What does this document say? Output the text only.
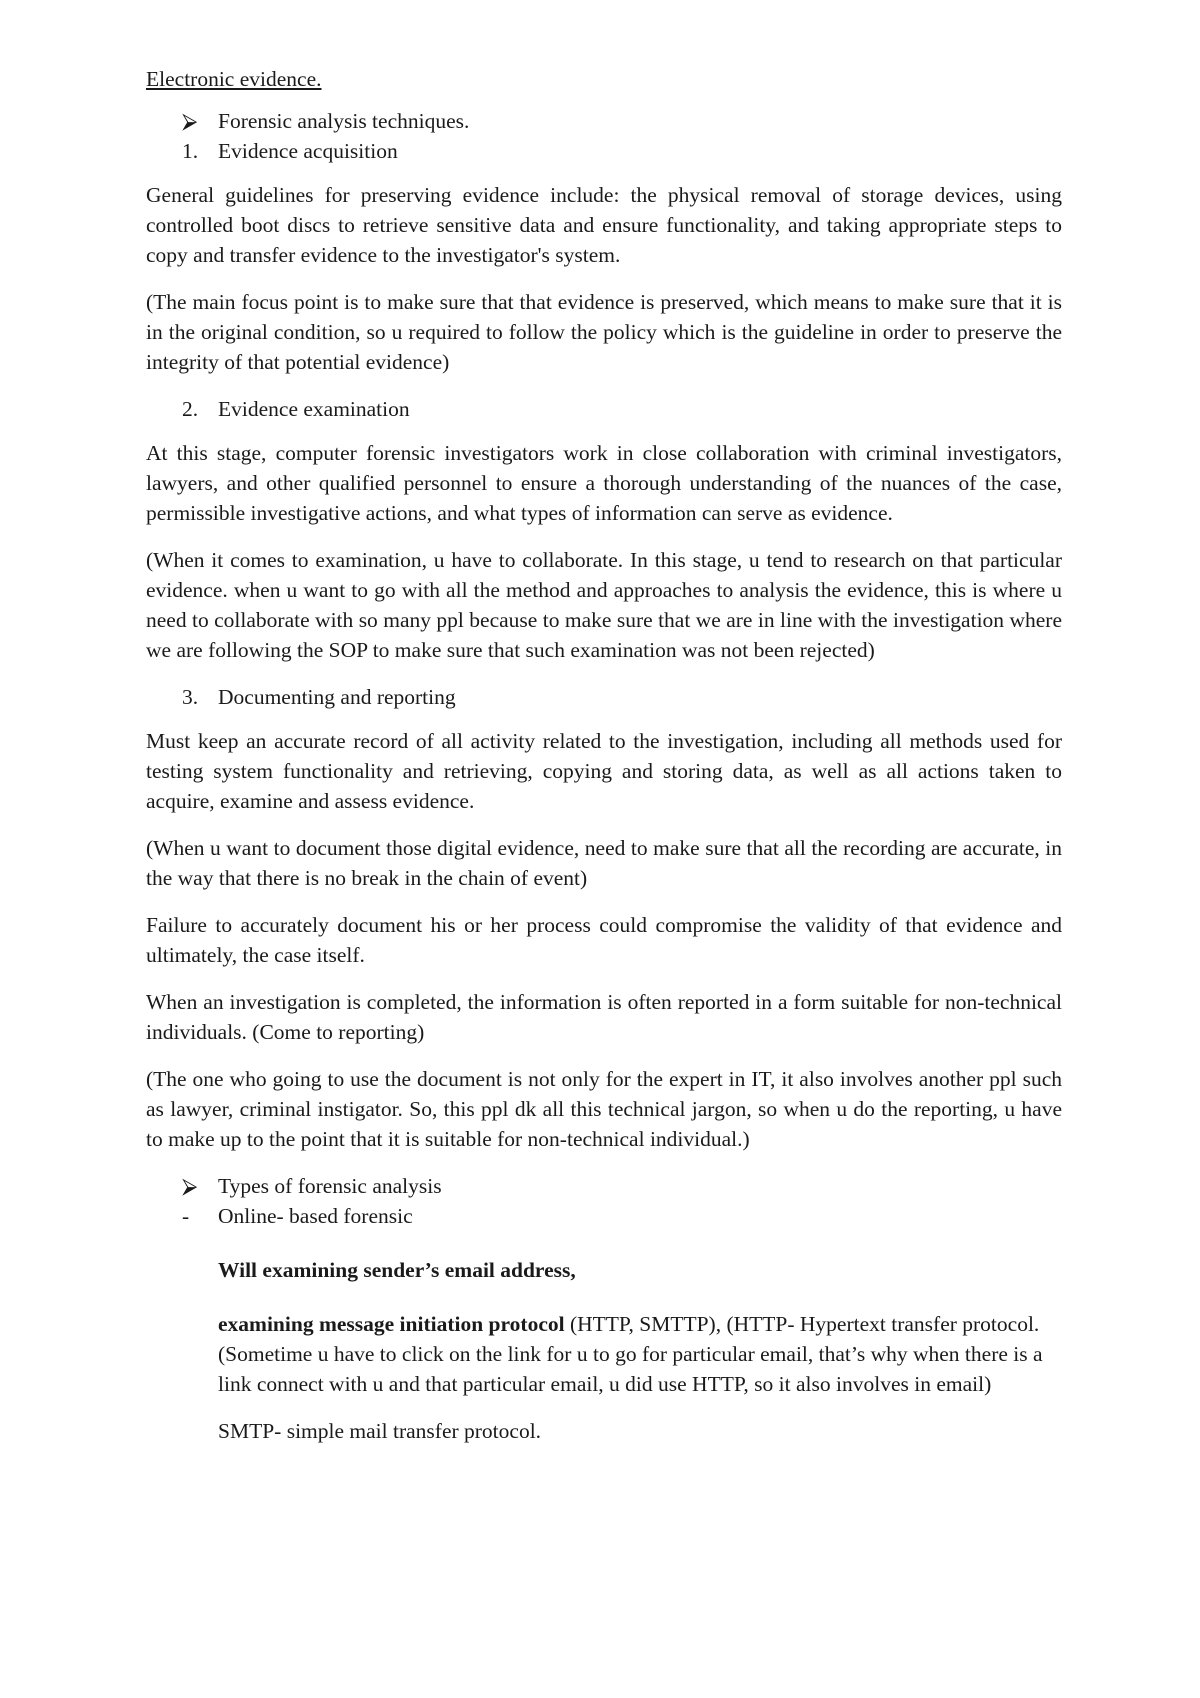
Electronic evidence.

⮚ Forensic analysis techniques.
1. Evidence acquisition

General guidelines for preserving evidence include: the physical removal of storage devices, using controlled boot discs to retrieve sensitive data and ensure functionality, and taking appropriate steps to copy and transfer evidence to the investigator's system.

(The main focus point is to make sure that that evidence is preserved, which means to make sure that it is in the original condition, so u required to follow the policy which is the guideline in order to preserve the integrity of that potential evidence)

2. Evidence examination

At this stage, computer forensic investigators work in close collaboration with criminal investigators, lawyers, and other qualified personnel to ensure a thorough understanding of the nuances of the case, permissible investigative actions, and what types of information can serve as evidence.

(When it comes to examination, u have to collaborate. In this stage, u tend to research on that particular evidence. when u want to go with all the method and approaches to analysis the evidence, this is where u need to collaborate with so many ppl because to make sure that we are in line with the investigation where we are following the SOP to make sure that such examination was not been rejected)

3. Documenting and reporting

Must keep an accurate record of all activity related to the investigation, including all methods used for testing system functionality and retrieving, copying and storing data, as well as all actions taken to acquire, examine and assess evidence.

(When u want to document those digital evidence, need to make sure that all the recording are accurate, in the way that there is no break in the chain of event)

Failure to accurately document his or her process could compromise the validity of that evidence and ultimately, the case itself.

When an investigation is completed, the information is often reported in a form suitable for non-technical individuals. (Come to reporting)

(The one who going to use the document is not only for the expert in IT, it also involves another ppl such as lawyer, criminal instigator. So, this ppl dk all this technical jargon, so when u do the reporting, u have to make up to the point that it is suitable for non-technical individual.)

⮚ Types of forensic analysis
- Online- based forensic

Will examining sender’s email address,

examining message initiation protocol (HTTP, SMTTP), (HTTP- Hypertext transfer protocol. (Sometime u have to click on the link for u to go for particular email, that’s why when there is a link connect with u and that particular email, u did use HTTP, so it also involves in email)

SMTP- simple mail transfer protocol.
